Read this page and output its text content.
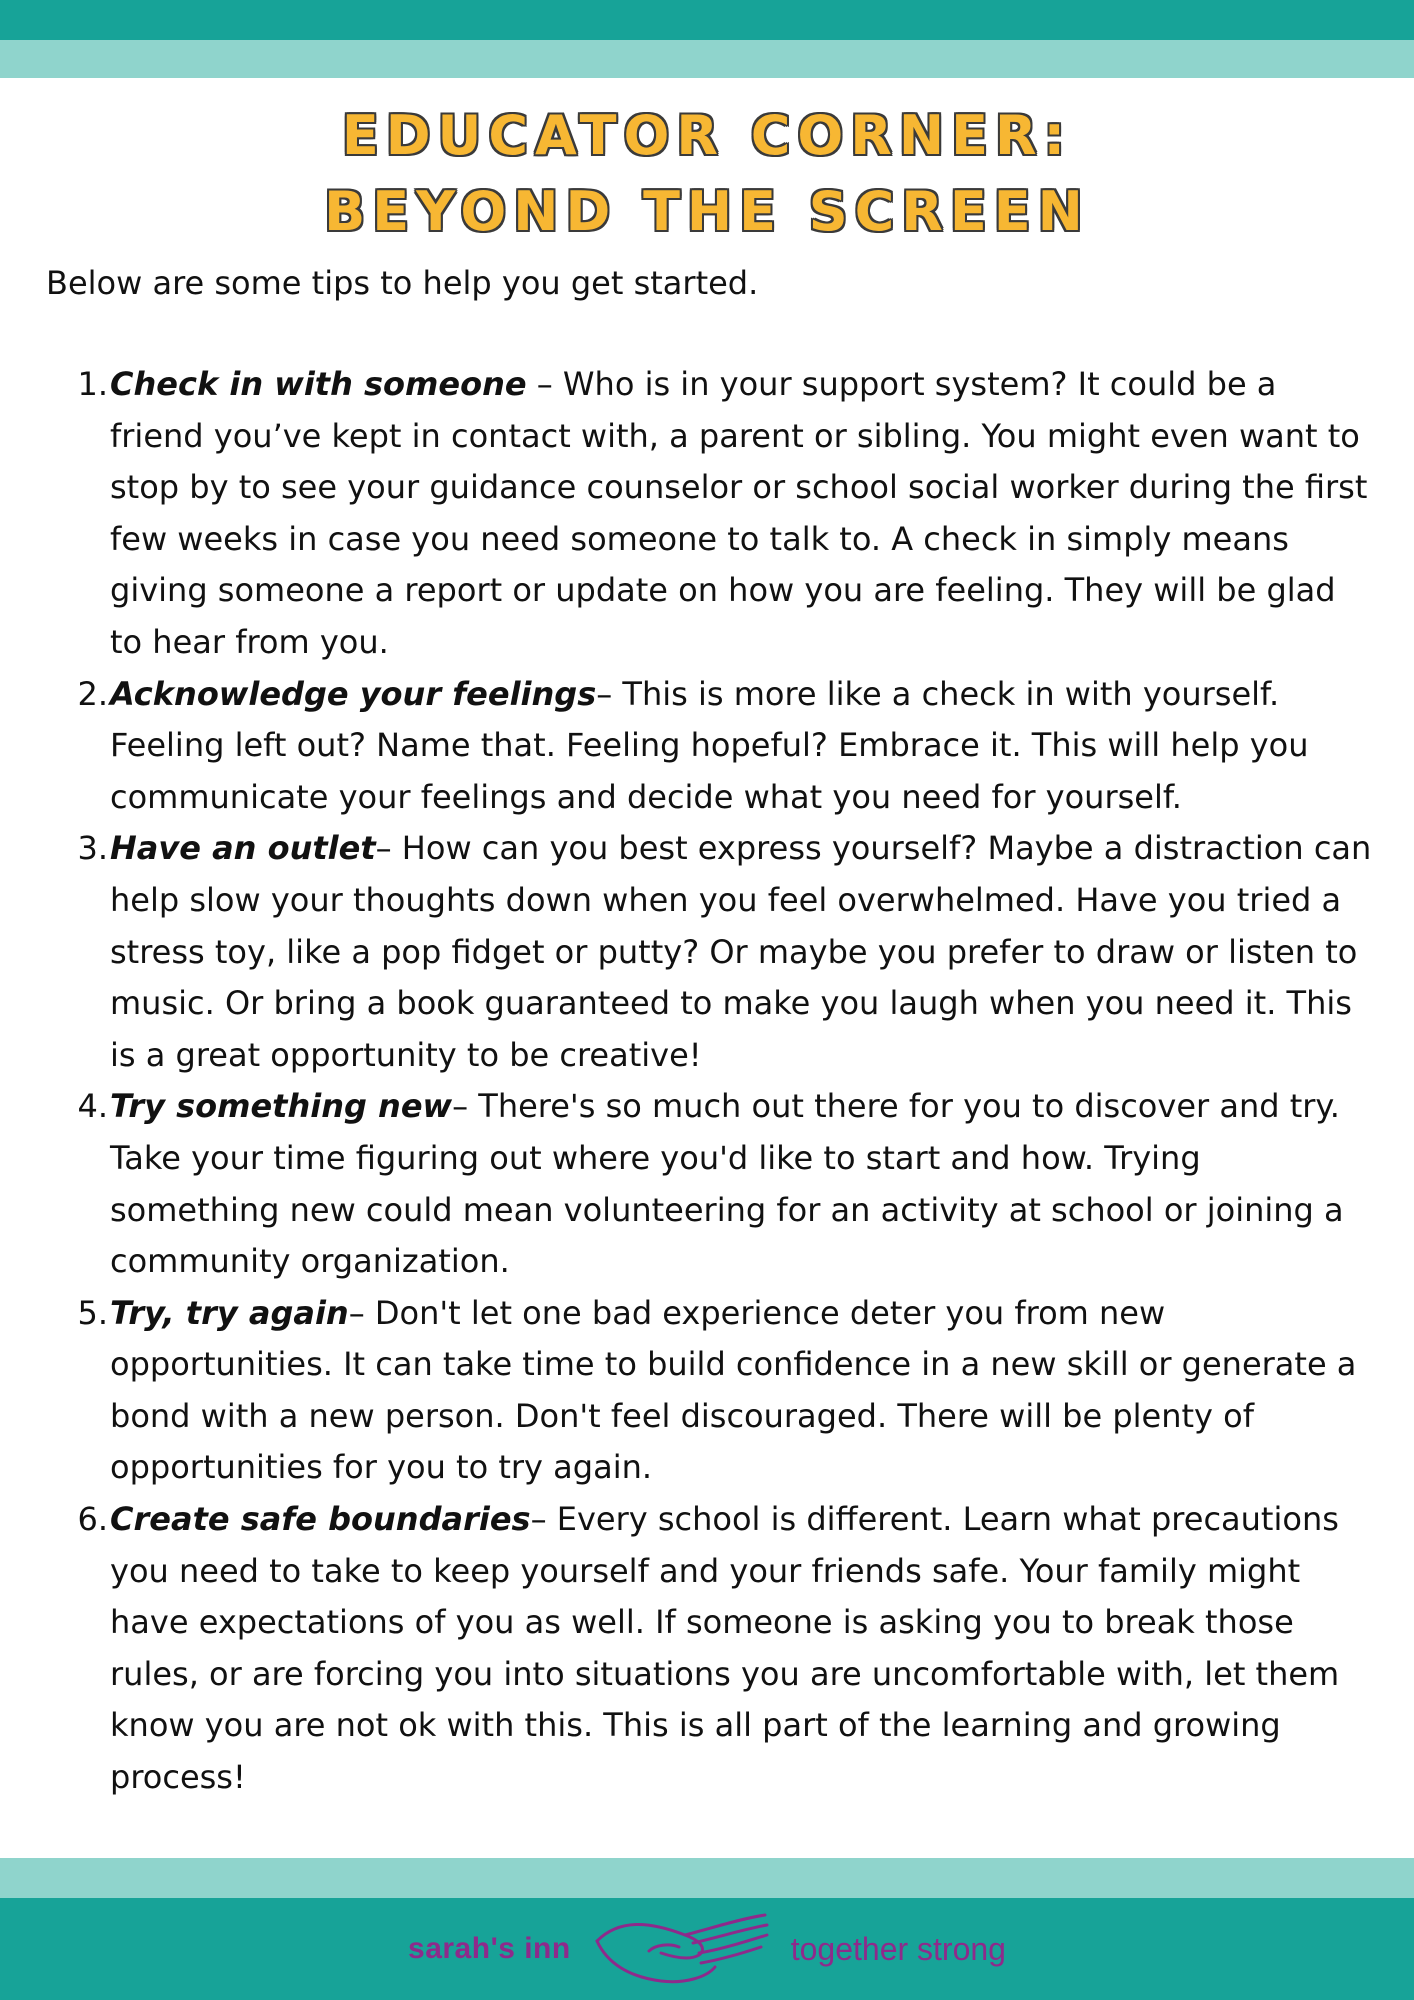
EDUCATOR CORNER:
BEYOND THE SCREEN

Below are some tips to help you get started.

1. Check in with someone – Who is in your support system? It could be a friend you’ve kept in contact with, a parent or sibling. You might even want to stop by to see your guidance counselor or school social worker during the first few weeks in case you need someone to talk to. A check in simply means giving someone a report or update on how you are feeling. They will be glad to hear from you.
2. Acknowledge your feelings– This is more like a check in with yourself. Feeling left out? Name that. Feeling hopeful? Embrace it. This will help you communicate your feelings and decide what you need for yourself.
3. Have an outlet– How can you best express yourself? Maybe a distraction can help slow your thoughts down when you feel overwhelmed. Have you tried a stress toy, like a pop fidget or putty? Or maybe you prefer to draw or listen to music. Or bring a book guaranteed to make you laugh when you need it. This is a great opportunity to be creative!
4. Try something new– There's so much out there for you to discover and try. Take your time figuring out where you'd like to start and how. Trying something new could mean volunteering for an activity at school or joining a community organization.
5. Try, try again– Don't let one bad experience deter you from new opportunities. It can take time to build confidence in a new skill or generate a bond with a new person. Don't feel discouraged. There will be plenty of opportunities for you to try again.
6. Create safe boundaries– Every school is different. Learn what precautions you need to take to keep yourself and your friends safe. Your family might have expectations of you as well. If someone is asking you to break those rules, or are forcing you into situations you are uncomfortable with, let them know you are not ok with this. This is all part of the learning and growing process!
sarah's inn	together strong
